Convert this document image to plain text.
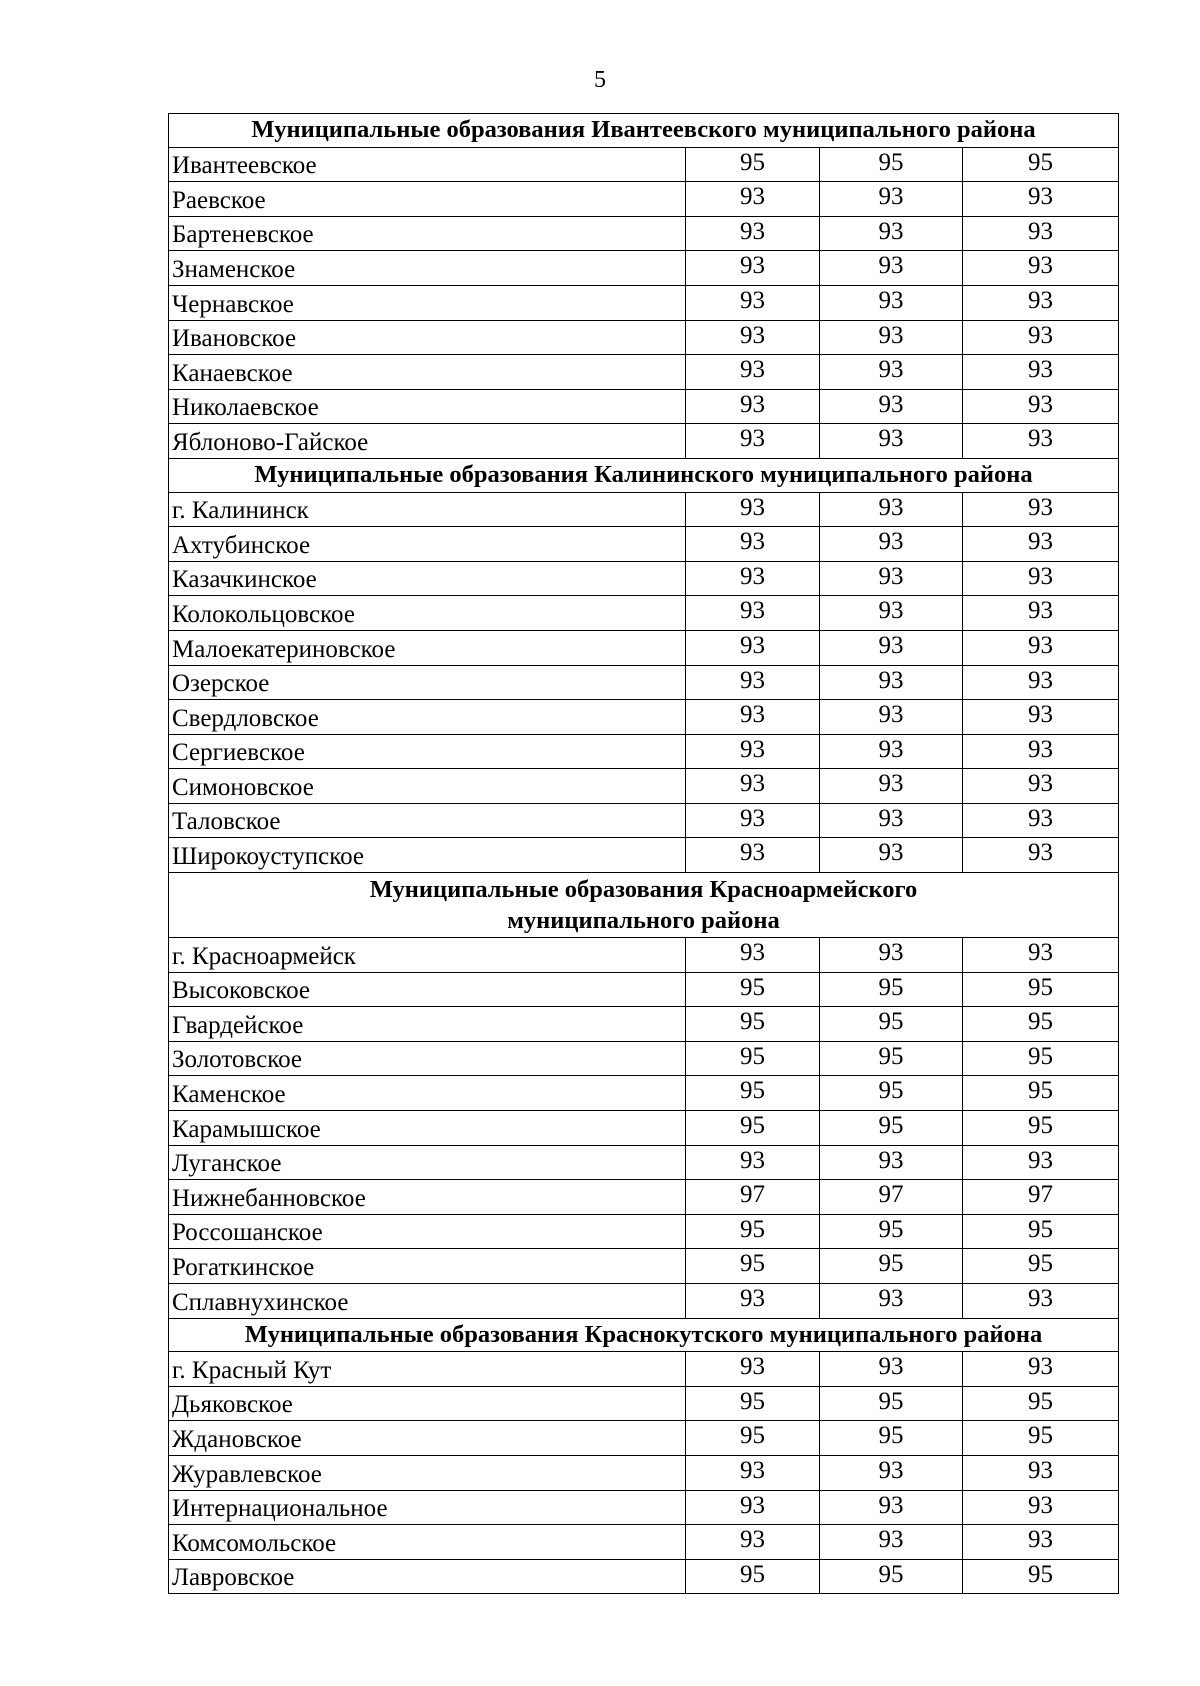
5
Муниципальные образования Ивантеевского муниципального района			
Ивантеевское	95	95	95
Раевское	93	93	93
Бартеневское	93	93	93
Знаменское	93	93	93
Чернавское	93	93	93
Ивановское	93	93	93
Канаевское	93	93	93
Николаевское	93	93	93
Яблоново-Гайское	93	93	93
Муниципальные образования Калининского муниципального района			
г. Калининск	93	93	93
Ахтубинское	93	93	93
Казачкинское	93	93	93
Колокольцовское	93	93	93
Малоекатериновское	93	93	93
Озерское	93	93	93
Свердловское	93	93	93
Сергиевское	93	93	93
Симоновское	93	93	93
Таловское	93	93	93
Широкоуступское	93	93	93
Муниципальные образования Красноармейского муниципального района			
г. Красноармейск	93	93	93
Высоковское	95	95	95
Гвардейское	95	95	95
Золотовское	95	95	95
Каменское	95	95	95
Карамышское	95	95	95
Луганское	93	93	93
Нижнебанновское	97	97	97
Россошанское	95	95	95
Рогаткинское	95	95	95
Сплавнухинское	93	93	93
Муниципальные образования Краснокутского муниципального района			
г. Красный Кут	93	93	93
Дьяковское	95	95	95
Ждановское	95	95	95
Журавлевское	93	93	93
Интернациональное	93	93	93
Комсомольское	93	93	93
Лавровское	95	95	95
